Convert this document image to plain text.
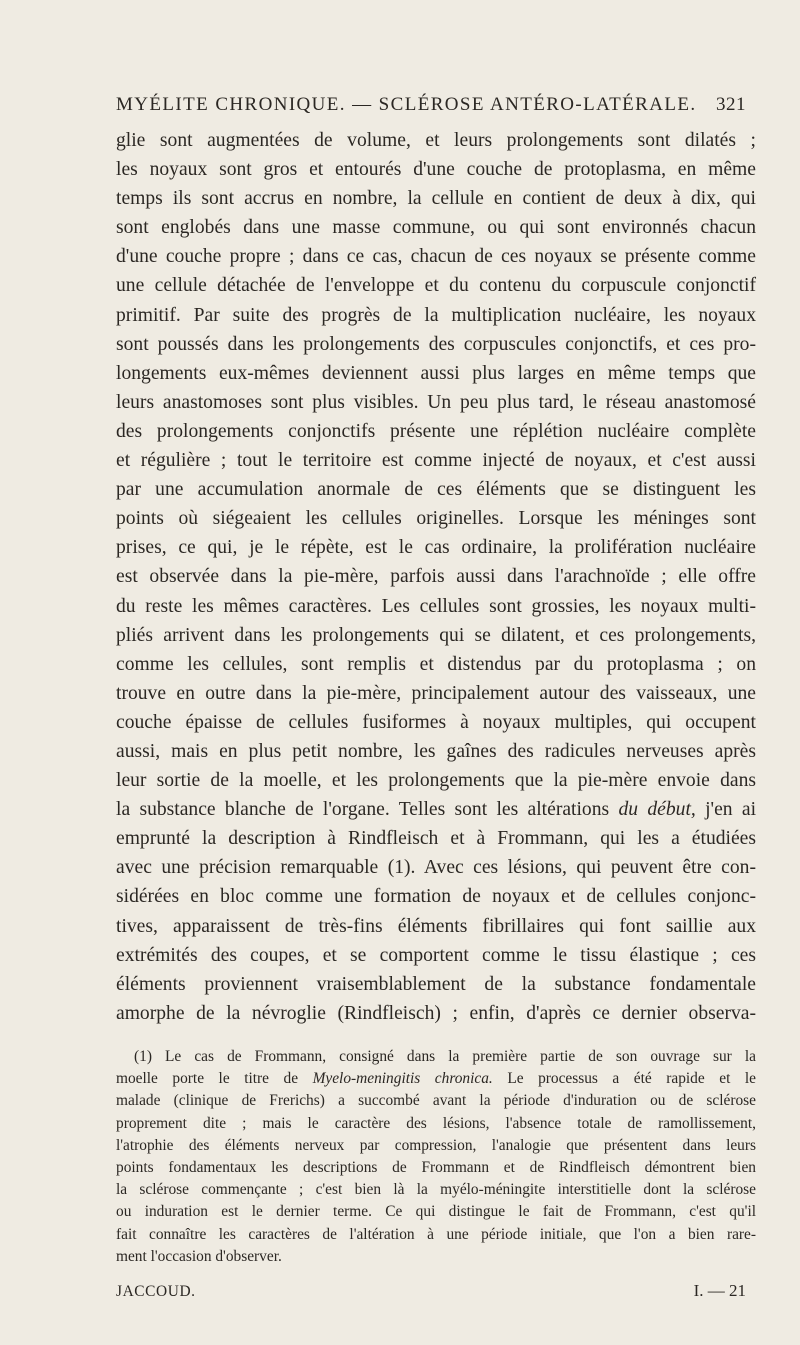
MYÉLITE CHRONIQUE. — SCLÉROSE ANTÉRO-LATÉRALE. 321
glie sont augmentées de volume, et leurs prolongements sont dilatés ;
les noyaux sont gros et entourés d'une couche de protoplasma, en même
temps ils sont accrus en nombre, la cellule en contient de deux à dix, qui
sont englobés dans une masse commune, ou qui sont environnés chacun
d'une couche propre ; dans ce cas, chacun de ces noyaux se présente comme
une cellule détachée de l'enveloppe et du contenu du corpuscule conjonctif
primitif. Par suite des progrès de la multiplication nucléaire, les noyaux
sont poussés dans les prolongements des corpuscules conjonctifs, et ces pro-
longements eux-mêmes deviennent aussi plus larges en même temps que
leurs anastomoses sont plus visibles. Un peu plus tard, le réseau anastomosé
des prolongements conjonctifs présente une réplétion nucléaire complète
et régulière ; tout le territoire est comme injecté de noyaux, et c'est aussi
par une accumulation anormale de ces éléments que se distinguent les
points où siégeaient les cellules originelles. Lorsque les méninges sont
prises, ce qui, je le répète, est le cas ordinaire, la prolifération nucléaire
est observée dans la pie-mère, parfois aussi dans l'arachnoïde ; elle offre
du reste les mêmes caractères. Les cellules sont grossies, les noyaux multi-
pliés arrivent dans les prolongements qui se dilatent, et ces prolongements,
comme les cellules, sont remplis et distendus par du protoplasma ; on
trouve en outre dans la pie-mère, principalement autour des vaisseaux, une
couche épaisse de cellules fusiformes à noyaux multiples, qui occupent
aussi, mais en plus petit nombre, les gaînes des radicules nerveuses après
leur sortie de la moelle, et les prolongements que la pie-mère envoie dans
la substance blanche de l'organe. Telles sont les altérations du début, j'en ai
emprunté la description à Rindfleisch et à Frommann, qui les a étudiées
avec une précision remarquable (1). Avec ces lésions, qui peuvent être con-
sidérées en bloc comme une formation de noyaux et de cellules conjonc-
tives, apparaissent de très-fins éléments fibrillaires qui font saillie aux
extrémités des coupes, et se comportent comme le tissu élastique ; ces
éléments proviennent vraisemblablement de la substance fondamentale
amorphe de la névroglie (Rindfleisch) ; enfin, d'après ce dernier observa-
(1) Le cas de Frommann, consigné dans la première partie de son ouvrage sur la
moelle porte le titre de Myelo-meningitis chronica. Le processus a été rapide et le
malade (clinique de Frerichs) a succombé avant la période d'induration ou de sclérose
proprement dite ; mais le caractère des lésions, l'absence totale de ramollissement,
l'atrophie des éléments nerveux par compression, l'analogie que présentent dans leurs
points fondamentaux les descriptions de Frommann et de Rindfleisch démontrent bien
la sclérose commençante ; c'est bien là la myélo-méningite interstitielle dont la sclérose
ou induration est le dernier terme. Ce qui distingue le fait de Frommann, c'est qu'il
fait connaître les caractères de l'altération à une période initiale, que l'on a bien rare-
ment l'occasion d'observer.
JACCOUD.	I. — 21
